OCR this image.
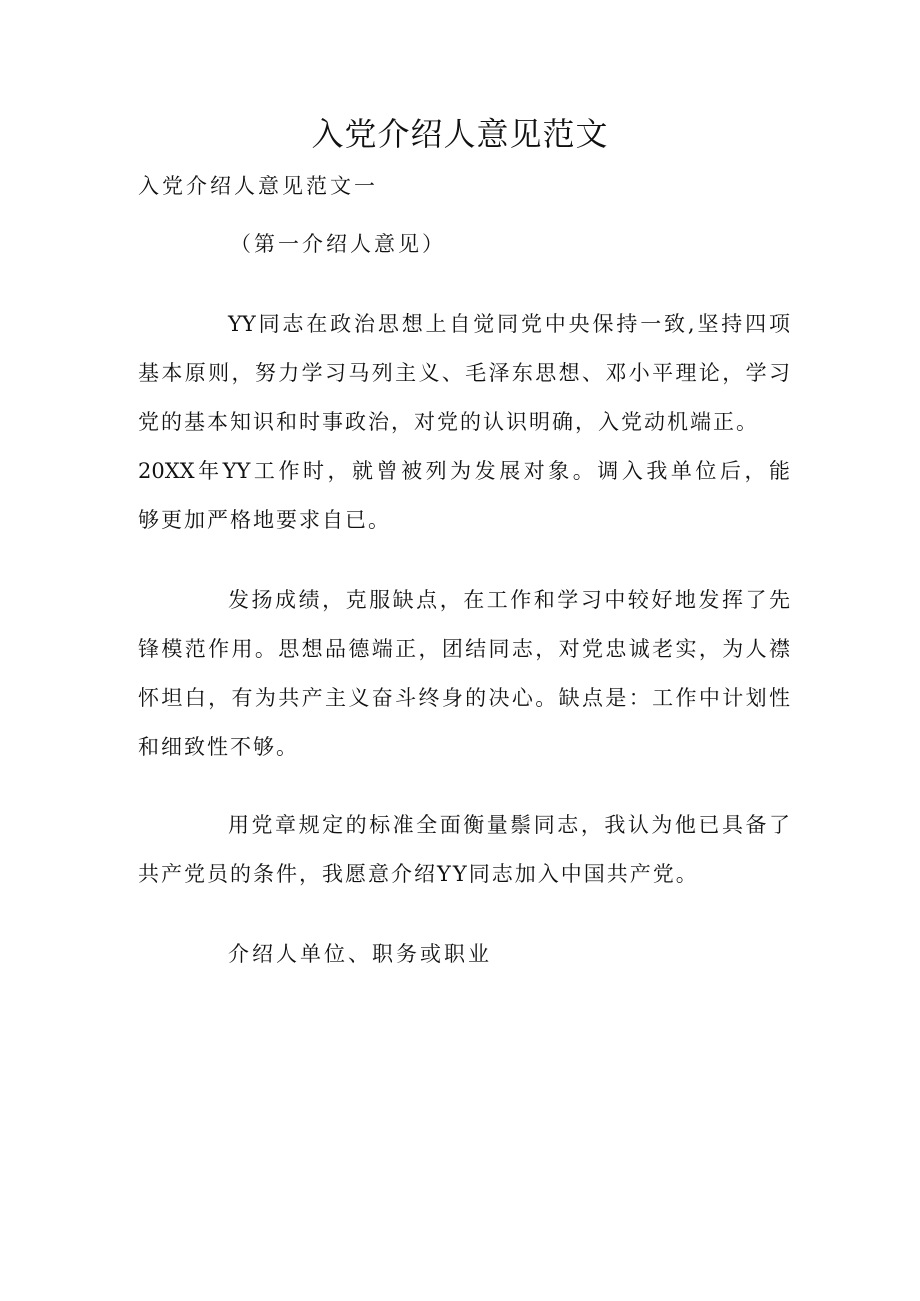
入党介绍人意见范文
入党介绍人意见范文一
（第一介绍人意见）
YY同志在政治思想上自觉同党中央保持一致,坚持四项
基本原则，努力学习马列主义、毛泽东思想、邓小平理论，学习
党的基本知识和时事政治，对党的认识明确，入党动机端正。
20XX年YY工作时，就曾被列为发展对象。调入我单位后，能
够更加严格地要求自已。
发扬成绩，克服缺点，在工作和学习中较好地发挥了先
锋模范作用。思想品德端正，团结同志，对党忠诚老实，为人襟
怀坦白，有为共产主义奋斗终身的决心。缺点是：工作中计划性
和细致性不够。
用党章规定的标准全面衡量鬃同志，我认为他已具备了
共产党员的条件，我愿意介绍YY同志加入中国共产党。
介绍人单位、职务或职业
